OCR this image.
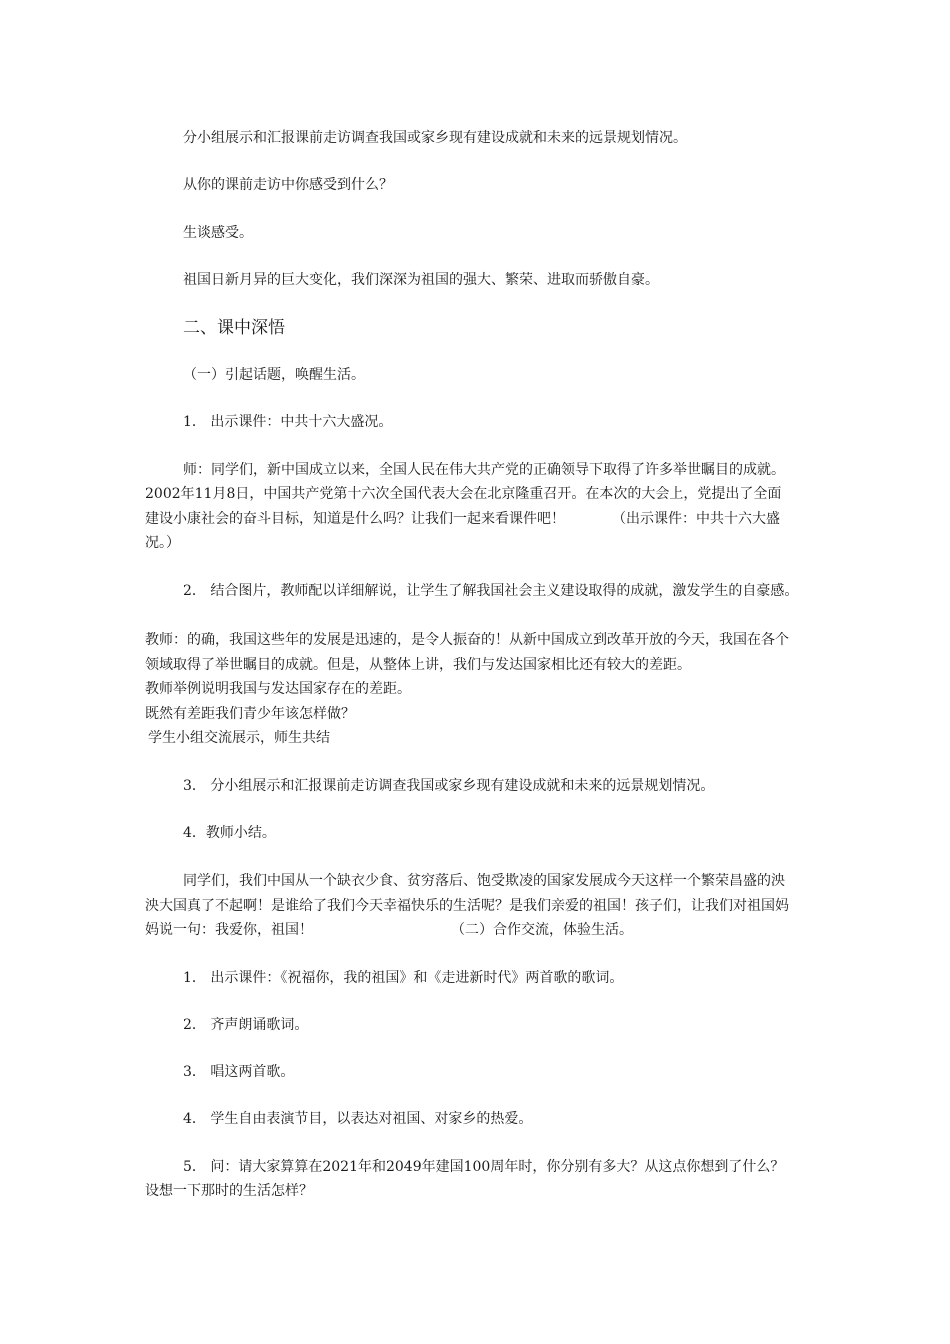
分小组展示和汇报课前走访调查我国或家乡现有建设成就和未来的远景规划情况。
从你的课前走访中你感受到什么？
生谈感受。
祖国日新月异的巨大变化，我们深深为祖国的强大、繁荣、进取而骄傲自豪。
二、课中深悟
（一）引起话题，唤醒生活。
1． 出示课件：中共十六大盛况。
师：同学们，新中国成立以来，全国人民在伟大共产党的正确领导下取得了许多举世瞩目的成就。
2002年11月8日，中国共产党第十六次全国代表大会在北京隆重召开。在本次的大会上，党提出了全面
建设小康社会的奋斗目标，知道是什么吗？让我们一起来看课件吧！	（出示课件：中共十六大盛
况。）
2． 结合图片，教师配以详细解说，让学生了解我国社会主义建设取得的成就，激发学生的自豪感。
教师：的确，我国这些年的发展是迅速的，是令人振奋的！从新中国成立到改革开放的今天，我国在各个
领域取得了举世瞩目的成就。但是，从整体上讲，我们与发达国家相比还有较大的差距。
教师举例说明我国与发达国家存在的差距。
既然有差距我们青少年该怎样做？
学生小组交流展示，师生共结
3． 分小组展示和汇报课前走访调查我国或家乡现有建设成就和未来的远景规划情况。
4．教师小结。
同学们，我们中国从一个缺衣少食、贫穷落后、饱受欺凌的国家发展成今天这样一个繁荣昌盛的泱
泱大国真了不起啊！是谁给了我们今天幸福快乐的生活呢？是我们亲爱的祖国！孩子们，让我们对祖国妈
妈说一句：我爱你，祖国！	（二）合作交流，体验生活。
1． 出示课件：《祝福你，我的祖国》和《走进新时代》两首歌的歌词。
2． 齐声朗诵歌词。
3． 唱这两首歌。
4． 学生自由表演节目，以表达对祖国、对家乡的热爱。
5． 问：请大家算算在2021年和2049年建国100周年时，你分别有多大？从这点你想到了什么？
设想一下那时的生活怎样？
